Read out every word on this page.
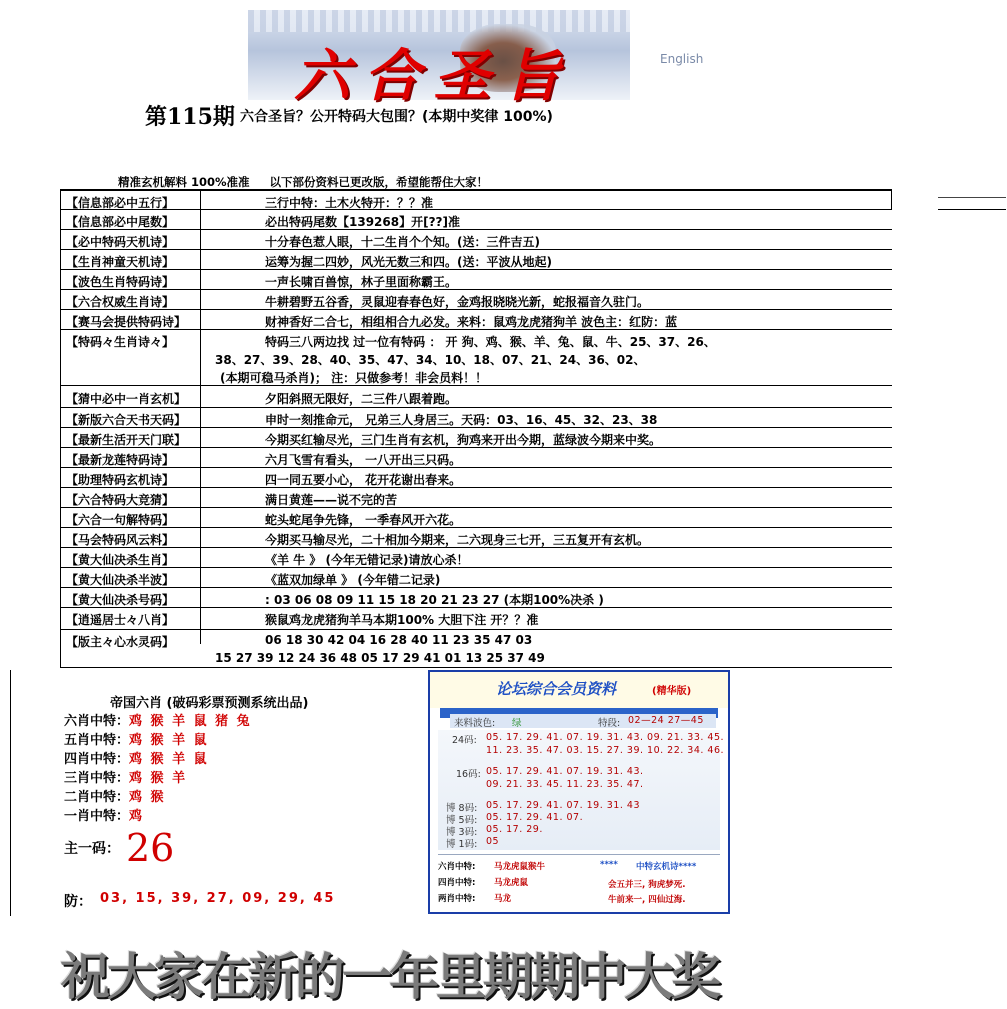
六合圣旨	English
第115期 六合圣旨？公开特码大包围？(本期中奖律 100%)
精准玄机解料 100%准准     以下部份资料已更改版，希望能帮住大家！
【信息部必中五行】	三行中特：土木火特开：？？准
【信息部必中尾数】	必出特码尾数【139268】开[??]准
【必中特码天机诗】	十分春色惹人眼，十二生肖个个知。(送：三件吉五)
【生肖神童天机诗】	运筹为握二四妙，风光无数三和四。(送：平波从地起)
【波色生肖特码诗】	一声长啸百兽惊，林子里面称霸王。
【六合权威生肖诗】	牛耕碧野五谷香，灵鼠迎春春色好，金鸡报晓晓光新，蛇报福音久驻门。
【赛马会提供特码诗】	财神香好二合七，相组相合九必发。来料：鼠鸡龙虎猪狗羊 波色主：红防：蓝
【特码々生肖诗々】	特码三八两边找 过一位有特码 ： 开 狗、鸡、猴、羊、兔、鼠、牛、25、37、26、
38、27、39、28、40、35、47、34、10、18、07、21、24、36、02、
(本期可稳马杀肖)； 注：只做参考！非会员料！！
【猜中必中一肖玄机】	夕阳斜照无限好，二三件八跟着跑。
【新版六合天书天码】	申时一刻推命元， 兄弟三人身居三。天码：03、16、45、32、23、38
【最新生活开天门联】	今期买红输尽光，三门生肖有玄机，狗鸡来开出今期，蓝绿波今期来中奖。
【最新龙莲特码诗】	六月飞雪有看头， 一八开出三只码。
【助理特码玄机诗】	四一同五要小心， 花开花谢出春来。
【六合特码大竞猜】	满日黄莲——说不完的苦
【六合一句解特码】	蛇头蛇尾争先锋， 一季春风开六花。
【马会特码风云料】	今期买马输尽光，二十相加今期来，二六现身三七开，三五复开有玄机。
【黄大仙决杀生肖】	《羊 牛 》 (今年无错记录)请放心杀！
【黄大仙决杀半波】	《蓝双加绿单 》 (今年错二记录)
【黄大仙决杀号码】	: 03 06 08 09 11 15 18 20 21 23 27 (本期100%决杀 )
【逍遥居士々八肖】	猴鼠鸡龙虎猪狗羊马本期100% 大胆下注 开？？准
【版主々心水灵码】	06 18 30 42 04 16 28 40 11 23 35 47 03
15 27 39 12 24 36 48 05 17 29 41 01 13 25 37 49
帝国六肖 (破码彩票预测系统出品)
六肖中特：鸡 猴 羊 鼠 猪 兔
五肖中特：鸡 猴 羊 鼠
四肖中特：鸡 猴 羊 鼠
三肖中特：鸡 猴 羊
二肖中特：鸡 猴
一肖中特：鸡
主一码： 26
防： 03, 15, 39, 27, 09, 29, 45
论坛综合会员资料	(精华版)
来料波色: 绿	特段: 02—24 27—45
24码: 05. 17. 29. 41. 07. 19. 31. 43. 09. 21. 33. 45.
11. 23. 35. 47. 03. 15. 27. 39. 10. 22. 34. 46.
16码: 05. 17. 29. 41. 07. 19. 31. 43.
09. 21. 33. 45. 11. 23. 35. 47.
博 8码: 05. 17. 29. 41. 07. 19. 31. 43
博 5码: 05. 17. 29. 41. 07.
博 3码: 05. 17. 29.
博 1码: 05
六肖中特: 马龙虎鼠猴牛	**** 中特玄机诗****
四肖中特: 马龙虎鼠	会五并三, 狗虎梦死.
两肖中特: 马龙	牛前来一, 四仙过海.
祝大家在新的一年里期期中大奖
